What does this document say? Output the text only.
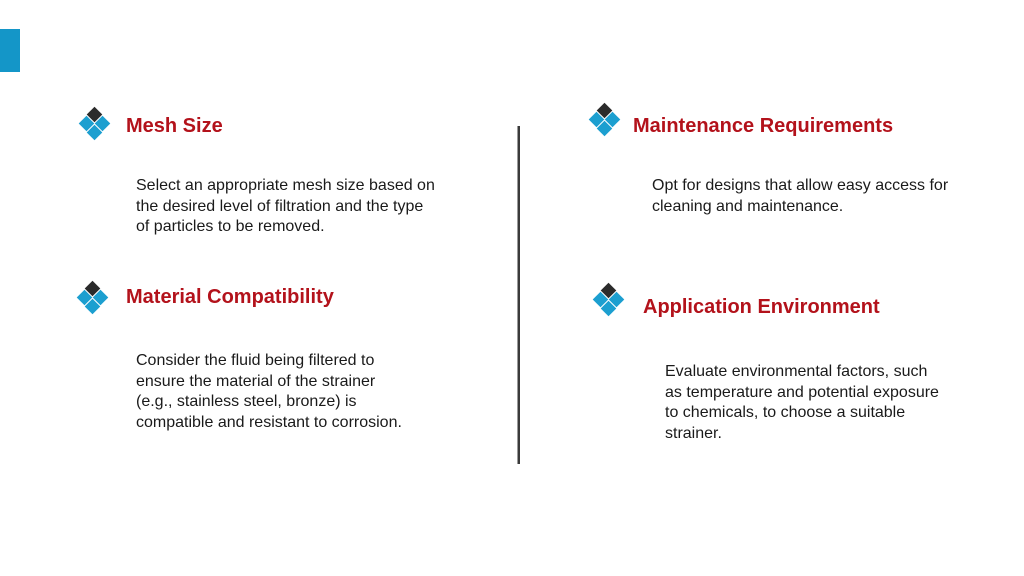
Mesh Size

Select an appropriate mesh size based on the desired level of filtration and the type of particles to be removed.

Maintenance Requirements

Opt for designs that allow easy access for cleaning and maintenance.

Material Compatibility

Consider the fluid being filtered to ensure the material of the strainer (e.g., stainless steel, bronze) is compatible and resistant to corrosion.

Application Environment

Evaluate environmental factors, such as temperature and potential exposure to chemicals, to choose a suitable strainer.
